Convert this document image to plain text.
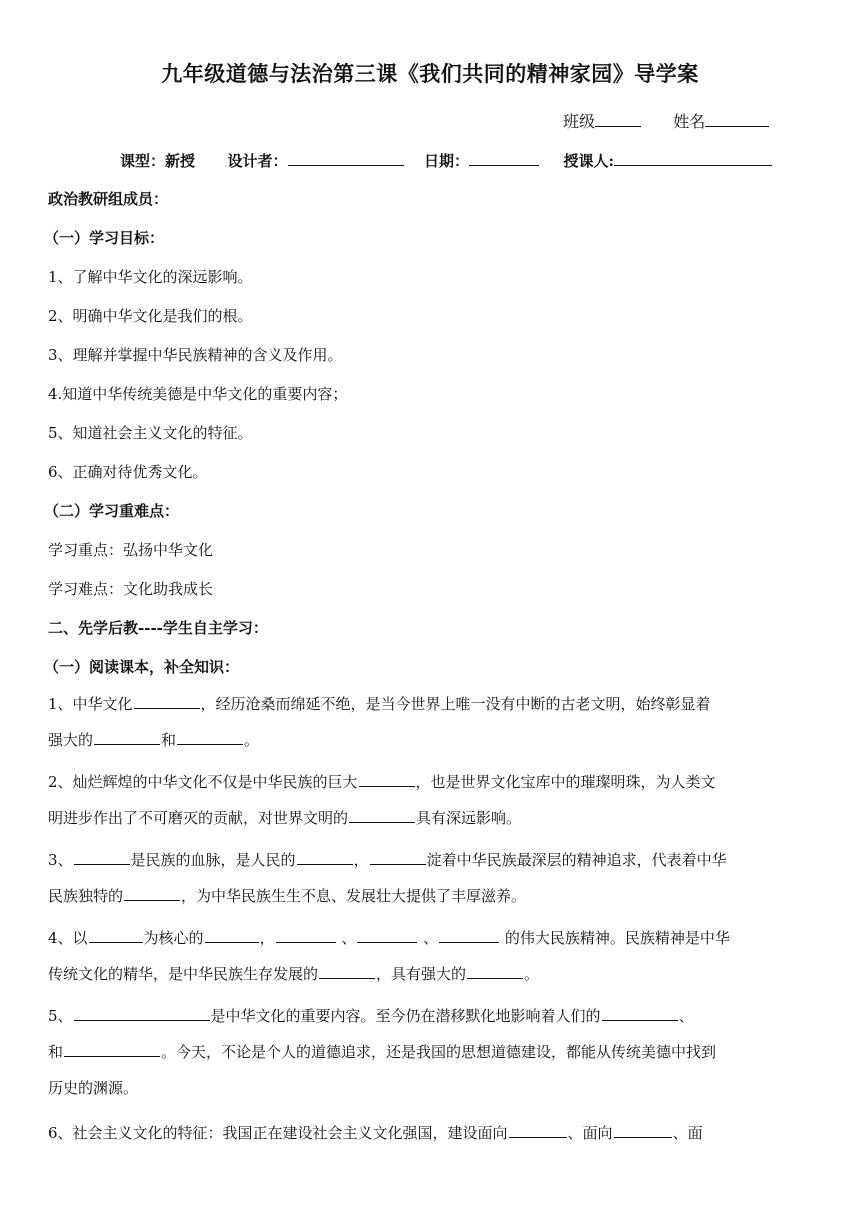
九年级道德与法治第三课《我们共同的精神家园》导学案
班级	姓名
课型：新授 设计者：	日期：	授课人:
政治教研组成员：
（一）学习目标：
1、了解中华文化的深远影响。
2、明确中华文化是我们的根。
3、理解并掌握中华民族精神的含义及作用。
4.知道中华传统美德是中华文化的重要内容；
5、知道社会主义文化的特征。
6、正确对待优秀文化。
（二）学习重难点：
学习重点：弘扬中华文化
学习难点：文化助我成长
二、先学后教----学生自主学习：
（一）阅读课本，补全知识：
1、中华文化	，经历沧桑而绵延不绝，是当今世界上唯一没有中断的古老文明，始终彰显着
强大的	和	。
2、灿烂辉煌的中华文化不仅是中华民族的巨大	，也是世界文化宝库中的璀璨明珠，为人类文
明进步作出了不可磨灭的贡献，对世界文明的	具有深远影响。
3、	是民族的血脉，是人民的	，	淀着中华民族最深层的精神追求，代表着中华
民族独特的	，为中华民族生生不息、发展壮大提供了丰厚滋养。
4、以	为核心的	，	、	、	的伟大民族精神。民族精神是中华
传统文化的精华，是中华民族生存发展的	，具有强大的	。
5、	是中华文化的重要内容。至今仍在潜移默化地影响着人们的	、
和	。今天，不论是个人的道德追求，还是我国的思想道德建设，都能从传统美德中找到
历史的渊源。
6、社会主义文化的特征：我国正在建设社会主义文化强国，建设面向	、面向	、面
